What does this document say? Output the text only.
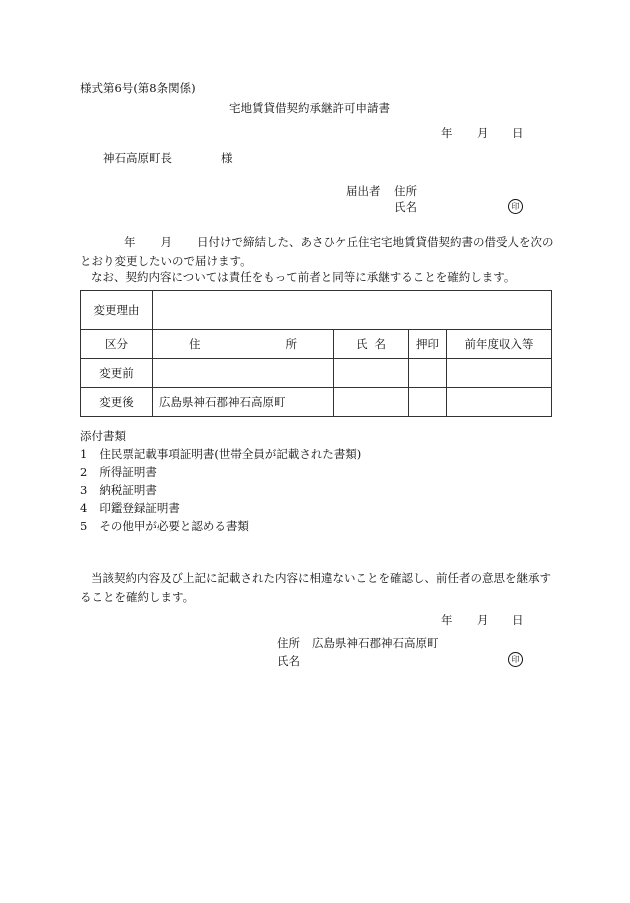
様式第6号(第8条関係)
宅地賃貸借契約承継許可申請書
年 月 日
神石高原町長	様
届出者 住所
氏名	印
年 月 日付けで締結した、あさひケ丘住宅宅地賃貸借契約書の借受人を次のとおり変更したいので届けます。
なお、契約内容については責任をもって前者と同等に承継することを確約します。
変更理由				
区分	住 所	氏 名	押印	前年度収入等
変更前				
変更後	広島県神石郡神石高原町			
添付書類
1 住民票記載事項証明書(世帯全員が記載された書類)
2 所得証明書
3 納税証明書
4 印鑑登録証明書
5 その他甲が必要と認める書類
当該契約内容及び上記に記載された内容に相違ないことを確認し、前任者の意思を継承することを確約します。
年 月 日
住所 広島県神石郡神石高原町
氏名	印
